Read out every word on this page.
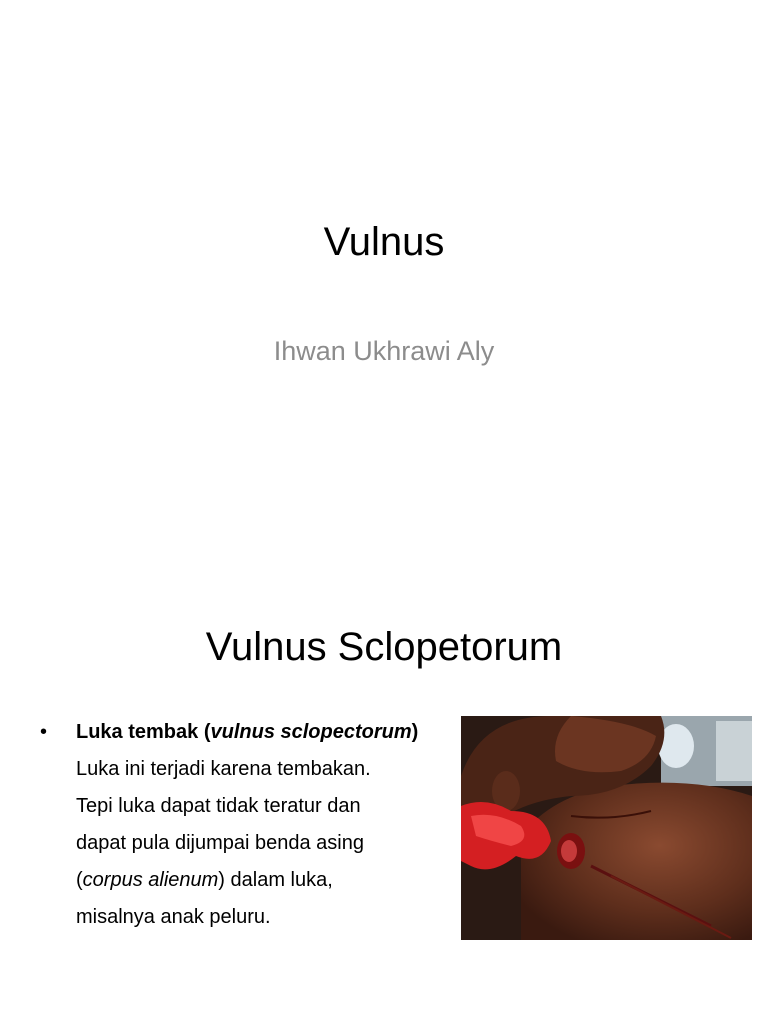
Vulnus
Ihwan Ukhrawi Aly
Vulnus Sclopetorum
• Luka tembak (vulnus sclopectorum)
Luka ini terjadi karena tembakan.
Tepi luka dapat tidak teratur dan
dapat pula dijumpai benda asing
(corpus alienum) dalam luka,
misalnya anak peluru.
